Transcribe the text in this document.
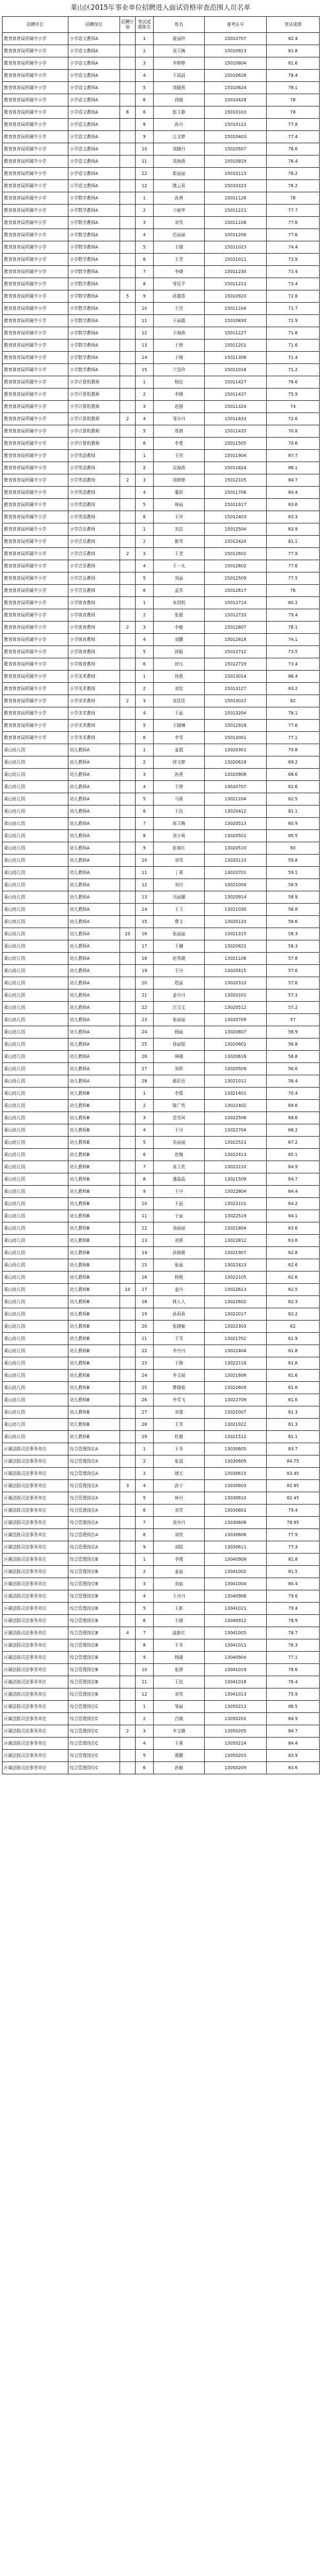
莱山区2015年事业单位招聘进入面试资格审查范围人员名单
招聘单位	招聘岗位	招聘计划	笔试成绩排名	姓名	准考证号	笔试成绩
教育体育局所属中小学	小学语文教师A		1	夏丽玲	15010707	82.4
教育体育局所属中小学	小学语文教师A		2	刘玉梅	15010913	81.8
教育体育局所属中小学	小学语文教师A		3	李婷婷	15010804	81.6
教育体育局所属中小学	小学语文教师A		4	王晨晨	15010626	78.4
教育体育局所属中小学	小学语文教师A		5	刘晓燕	15010624	78.1
教育体育局所属中小学	小学语文教师A		6	徐晓	15010428	78
教育体育局所属中小学	小学语文教师A	6	6	彭玉静	15010103	78
教育体育局所属中小学	小学语文教师A		8	孙丹	15010122	77.8
教育体育局所属中小学	小学语文教师A		9	江文婷	15010403	77.4
教育体育局所属中小学	小学语文教师A		10	刘晓丹	15010507	76.6
教育体育局所属中小学	小学语文教师A		11	刘海燕	15010919	76.4
教育体育局所属中小学	小学语文教师A		12	崔丽丽	15010115	76.2
教育体育局所属中小学	小学语文教师A		12	隋云莉	15010323	76.2
教育体育局所属中小学	小学数学教师A		1	孙茜	15011126	78
教育体育局所属中小学	小学数学教师A		2	刁春华	15011221	77.7
教育体育局所属中小学	小学数学教师A		3	刘雪	15011108	77.6
教育体育局所属中小学	小学数学教师A		4	迟丽丽	15011206	77.6
教育体育局所属中小学	小学数学教师A		5	王晓	15011023	74.4
教育体育局所属中小学	小学数学教师A		6	王芳	15011011	73.9
教育体育局所属中小学	小学数学教师A		7	李晓	15011230	73.4
教育体育局所属中小学	小学数学教师A		8	邹佳平	15011221	73.4
教育体育局所属中小学	小学数学教师A	5	9	孙德香	15010920	72.8
教育体育局所属中小学	小学数学教师A		10	王欣	15011104	72.7
教育体育局所属中小学	小学数学教师A		11	王丽霞	15010830	71.9
教育体育局所属中小学	小学数学教师A		12	王海燕	15011227	71.8
教育体育局所属中小学	小学数学教师A		13	于婷	15011201	71.6
教育体育局所属中小学	小学数学教师A		14	于晓	15011308	71.4
教育体育局所属中小学	小学数学教师A		15	兰迅玲	15011018	71.2
教育体育局所属中小学	小学计算机教师		1	杨佳	15011427	76.6
教育体育局所属中小学	小学计算机教师		2	李晓	15011437	75.9
教育体育局所属中小学	小学计算机教师		3	赵静	15011324	74
教育体育局所属中小学	小学计算机教师	2	4	邹丹丹	15011433	72.6
教育体育局所属中小学	小学计算机教师		5	郑倩	15011435	70.8
教育体育局所属中小学	小学计算机教师		6	李斐	15011505	70.6
教育体育局所属中小学	小学英语教师		1	王欣	15011904	87.7
教育体育局所属中小学	小学英语教师		2	吴海燕	15011824	86.1
教育体育局所属中小学	小学英语教师	2	3	刘婷婷	15012105	84.7
教育体育局所属中小学	小学英语教师		4	董妍	15011706	84.4
教育体育局所属中小学	小学英语教师		5	林丽	15011917	83.6
教育体育局所属中小学	小学英语教师		6	王玲	15012403	83.3
教育体育局所属中小学	小学音乐教师		1	刘洁	15012504	83.9
教育体育局所属中小学	小学音乐教师		2	陈雪	15012424	81.1
教育体育局所属中小学	小学音乐教师	2	3	王芳	15012602	77.9
教育体育局所属中小学	小学音乐教师		4	王一凡	15012602	77.6
教育体育局所属中小学	小学音乐教师		5	刘丽	15012509	77.5
教育体育局所属中小学	小学音乐教师		6	孟军	15012617	76
教育体育局所属中小学	小学体育教师		1	宋玥明	15012714	80.2
教育体育局所属中小学	小学体育教师		2	张超	15012720	79.4
教育体育局所属中小学	小学体育教师	2	3	李敏	15012807	76.1
教育体育局所属中小学	小学体育教师		4	刘鹏	15012818	74.1
教育体育局所属中小学	小学体育教师		5	徐振	15012712	73.5
教育体育局所属中小学	小学体育教师		6	徐凡	15012719	73.4
教育体育局所属中小学	小学美术教师		1	徐燕	15013014	86.4
教育体育局所属中小学	小学美术教师		2	刘佳	15013127	83.2
教育体育局所属中小学	小学美术教师	2	3	刘佳佳	15013022	82
教育体育局所属中小学	小学美术教师		4	王丽	15013204	78.1
教育体育局所属中小学	小学美术教师		5	王晓琳	15012918	77.6
教育体育局所属中小学	小学美术教师		6	李雪	15013001	77.1
莱山幼儿园	幼儿教师A		1	姜霞	13020301	70.8
莱山幼儿园	幼儿教师A		2	徐文婷	13020619	69.2
莱山幼儿园	幼儿教师A		3	孙燕	13020908	68.6
莱山幼儿园	幼儿教师A		4	王婷	13020707	62.6
莱山幼儿园	幼儿教师A		5	马燕	13021104	62.5
莱山幼儿园	幼儿教师A		6	王佳	13020412	61.1
莱山幼儿园	幼儿教师A		7	邢玉梅	13020513	60.9
莱山幼儿园	幼儿教师A		8	刘小莉	13020501	60.5
莱山幼儿园	幼儿教师A		9	彭春红	13020510	60
莱山幼儿园	幼儿教师A		10	刘雪	13020110	59.8
莱山幼儿园	幼儿教师A		11	丁燕	13020701	59.1
莱山幼儿园	幼儿教师A		12	刘丹	13021004	58.9
莱山幼儿园	幼儿教师A		13	冯丽娜	13020914	58.9
莱山幼儿园	幼儿教师A		14	王玉	13021030	58.8
莱山幼儿园	幼儿教师A		15	曹文	13020120	58.6
莱山幼儿园	幼儿教师A	10	16	张丽丽	13021315	58.3
莱山幼儿园	幼儿教师A		17	王楠	13020822	58.3
莱山幼儿园	幼儿教师A		18	赵英晓	13021106	57.8
莱山幼儿园	幼儿教师A		19	王丹	13020415	57.6
莱山幼儿园	幼儿教师A		20	程丽	13020310	57.6
莱山幼儿园	幼儿教师A		21	姜丹丹	13020101	57.3
莱山幼儿园	幼儿教师A		22	吕文文	13020512	57.2
莱山幼儿园	幼儿教师A		23	张丽丽	13020709	57
莱山幼儿园	幼儿教师A		24	杨丽	13020807	56.9
莱山幼儿园	幼儿教师A		25	徐丽娟	13020601	56.8
莱山幼儿园	幼儿教师A		26	林晓	13020616	56.8
莱山幼儿园	幼儿教师A		27	刘妍	13020509	56.6
莱山幼儿园	幼儿教师A		28	郝彩达	13021012	56.4
莱山幼儿园	幼儿教师B		1	李霞	13021401	70.4
莱山幼儿园	幼儿教师B		2	陈广英	13022402	69.6
莱山幼儿园	幼儿教师B		3	范雪珂	13022506	68.6
莱山幼儿园	幼儿教师B		4	王丹	13022704	68.2
莱山幼儿园	幼儿教师B		5	朱丽丽	13022521	67.2
莱山幼儿园	幼儿教师B		6	赵梅	13022413	65.1
莱山幼儿园	幼儿教师B		7	高玉欣	13022210	64.9
莱山幼儿园	幼儿教师B		8	潘晶晶	13021509	64.7
莱山幼儿园	幼儿教师B		9	王丹	13022804	64.4
莱山幼儿园	幼儿教师B		10	王丽	13022101	64.2
莱山幼儿园	幼儿教师B		11	于丽	13022519	64.1
莱山幼儿园	幼儿教师B		12	刘丽丽	13021804	63.6
莱山幼儿园	幼儿教师B		13	刘燕	13022812	63.6
莱山幼儿园	幼儿教师B		14	孙媛媛	13021907	62.8
莱山幼儿园	幼儿教师B		15	张丽	13022413	62.6
莱山幼儿园	幼儿教师B		16	杨艳	13022105	62.6
莱山幼儿园	幼儿教师B	10	17	姜丹	13022613	62.5
莱山幼儿园	幼儿教师B		18	林人人	13022602	62.3
莱山幼儿园	幼儿教师B		19	孙莉莉	13022017	62.2
莱山幼儿园	幼儿教师B		20	张晓敏	13022303	62
莱山幼儿园	幼儿教师B		21	王雪	13021702	61.9
莱山幼儿园	幼儿教师B		22	李丹丹	13022404	61.8
莱山幼儿园	幼儿教师B		23	于静	13022116	61.8
莱山幼儿园	幼儿教师B		24	李文斌	13021606	61.6
莱山幼儿园	幼儿教师B		25	曹晓茹	13022609	61.6
莱山幼儿园	幼儿教师B		26	李雪飞	13022709	61.6
莱山幼儿园	幼儿教师B		27	刘斐	13022007	61.3
莱山幼儿园	幼儿教师B		28	王雪	13021922	61.3
莱山幼儿园	幼儿教师B		29	杜敏	13021512	61.1
区属法院司法事务单位	综合管理岗位A		1	王冬	13030605	83.7
区属法院司法事务单位	综合管理岗位A		2	张晨	13030609	84.75
区属法院司法事务单位	综合管理岗位A		3	褚元	13030615	83.45
区属法院司法事务单位	综合管理岗位A	3	4	孙宁	13030603	82.95
区属法院司法事务单位	综合管理岗位A		5	林丹	13030610	82.45
区属法院司法事务单位	综合管理岗位A		6	刘芳	13030601	79.4
区属法院司法事务单位	综合管理岗位A		7	刘丹丹	13030608	78.95
区属法院司法事务单位	综合管理岗位A		8	刘欣	13030606	77.9
区属法院司法事务单位	综合管理岗位A		9	刘阳	13030611	77.3
区属法院司法事务单位	综合管理岗位B		1	李刚	13040908	81.8
区属法院司法事务单位	综合管理岗位B		2	姜丽	13041002	81.5
区属法院司法事务单位	综合管理岗位B		3	刘丽	13041004	80.4
区属法院司法事务单位	综合管理岗位B		4	王丹丹	13040906	79.6
区属法院司法事务单位	综合管理岗位B		5	王新	13041021	79.4
区属法院司法事务单位	综合管理岗位B		6	王晓	13040912	78.9
区属法院司法事务单位	综合管理岗位B	4	7	曲新红	13041005	78.7
区属法院司法事务单位	综合管理岗位B		8	王冬	13041011	78.3
区属法院司法事务单位	综合管理岗位B		9	杨晓	13040904	77.1
区属法院司法事务单位	综合管理岗位B		10	张婷	13041019	76.6
区属法院司法事务单位	综合管理岗位B		11	王佳	13041016	76.4
区属法院司法事务单位	综合管理岗位B		12	刘雪	13041013	75.9
区属法院司法事务单位	综合管理岗位C		1	邹丽	13050211	86.5
区属法院司法事务单位	综合管理岗位C		2	吕晓	13050202	84.9
区属法院司法事务单位	综合管理岗位C	2	3	李文晓	13050205	84.7
区属法院司法事务单位	综合管理岗位C		4	王燕	13050214	84.4
区属法院司法事务单位	综合管理岗位C		5	蒋鹏	13050203	83.9
区属法院司法事务单位	综合管理岗位C		6	孙敏	13050209	83.6
